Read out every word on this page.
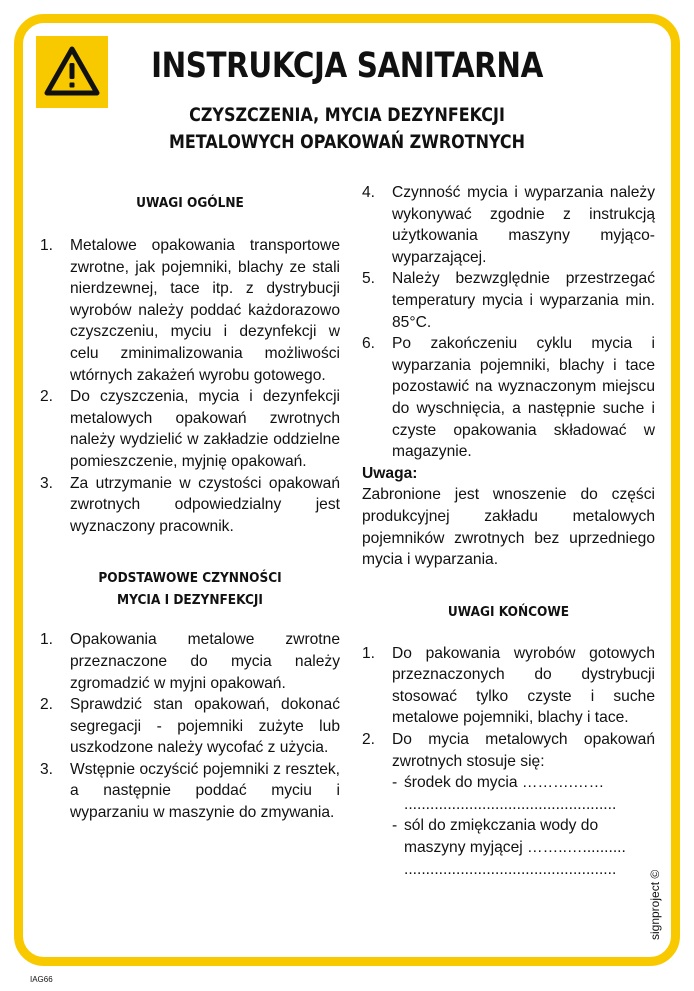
INSTRUKCJA SANITARNA
CZYSZCZENIA, MYCIA DEZYNFEKCJI
METALOWYCH OPAKOWAŃ ZWROTNYCH
UWAGI OGÓLNE
1.	Metalowe opakowania transportowe zwrotne, jak pojemniki, blachy ze stali nierdzewnej, tace itp. z dystrybucji wyrobów należy poddać każdorazowo czyszczeniu, myciu i dezynfekcji w celu zminimalizowania możliwości wtórnych zakażeń wyrobu gotowego.
2.	Do czyszczenia, mycia i dezynfekcji metalowych opakowań zwrotnych należy wydzielić w zakładzie oddzielne pomieszczenie, myjnię opakowań.
3.	Za utrzymanie w czystości opakowań zwrotnych odpowiedzialny jest wyznaczony pracownik.
PODSTAWOWE CZYNNOŚCI
MYCIA I DEZYNFEKCJI
1.	Opakowania metalowe zwrotne przeznaczone do mycia należy zgromadzić w myjni opakowań.
2.	Sprawdzić stan opakowań, dokonać segregacji - pojemniki zużyte lub uszkodzone należy wycofać z użycia.
3.	Wstępnie oczyścić pojemniki z resztek, a następnie poddać myciu i wyparzaniu w maszynie do zmywania.
4.	Czynność mycia i wyparzania należy wykonywać zgodnie z instrukcją użytkowania maszyny myjąco-wyparzającej.
5.	Należy bezwzględnie przestrzegać temperatury mycia i wyparzania min. 85°C.
6.	Po zakończeniu cyklu mycia i wyparzania pojemniki, blachy i tace pozostawić na wyznaczonym miejscu do wyschnięcia, a następnie suche i czyste opakowania składować w magazynie.
Uwaga:
Zabronione jest wnoszenie do części produkcyjnej zakładu metalowych pojemników zwrotnych bez uprzedniego mycia i wyparzania.
UWAGI KOŃCOWE
1.	Do pakowania wyrobów gotowych przeznaczonych do dystrybucji stosować tylko czyste i suche metalowe pojemniki, blachy i tace.
2.	Do mycia metalowych opakowań zwrotnych stosuje się:
- środek do mycia ……….……
.................................................
- sól do zmiękczania wody do maszyny myjącej ……..…..........
.................................................
signproject ©
IAG66
